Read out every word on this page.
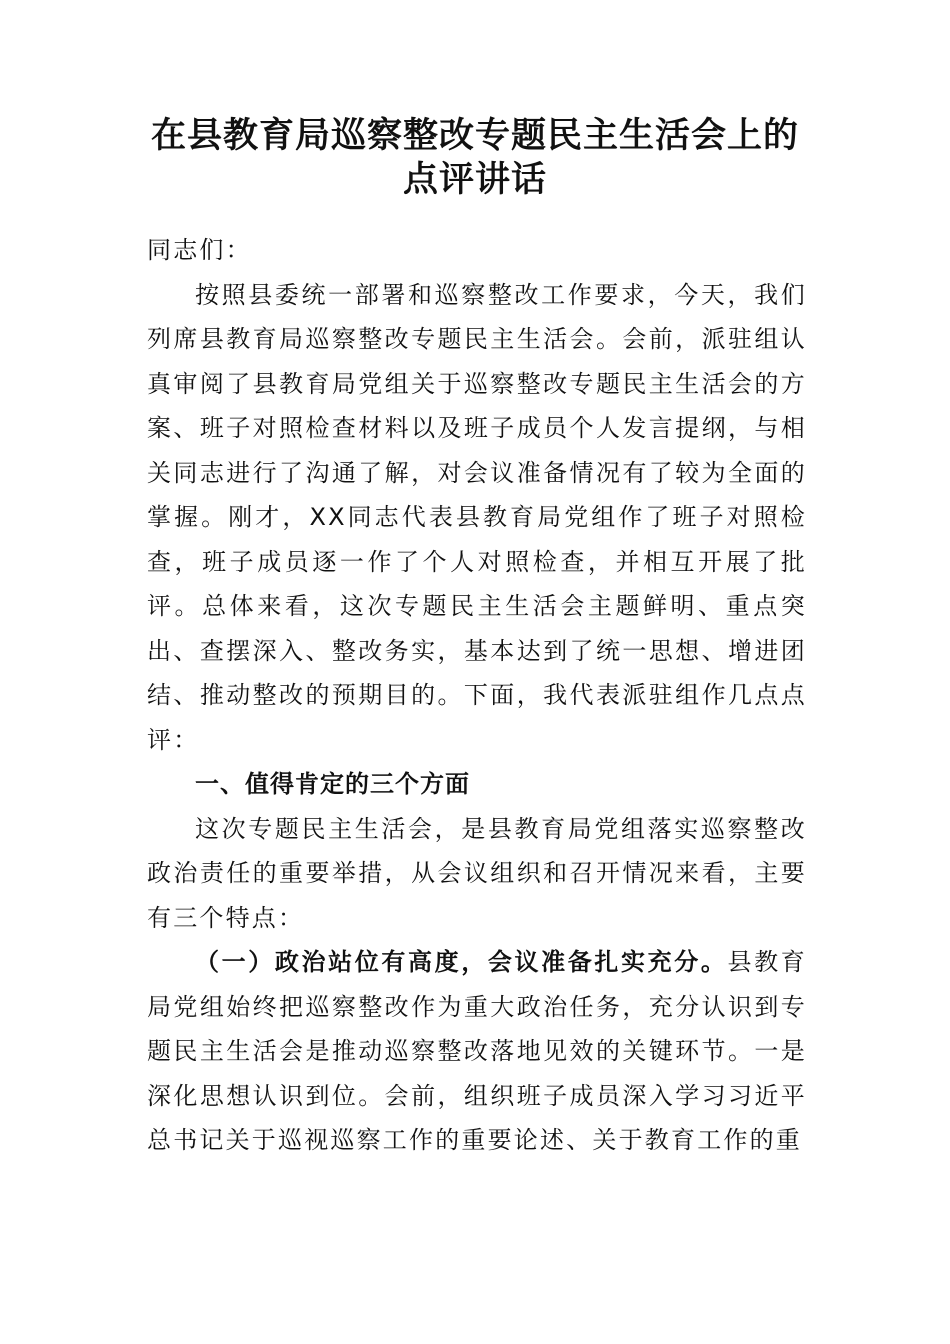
在县教育局巡察整改专题民主生活会上的
点评讲话

同志们：

按照县委统一部署和巡察整改工作要求，今天，我们列席县教育局巡察整改专题民主生活会。会前，派驻组认真审阅了县教育局党组关于巡察整改专题民主生活会的方案、班子对照检查材料以及班子成员个人发言提纲，与相关同志进行了沟通了解，对会议准备情况有了较为全面的掌握。刚才，XX同志代表县教育局党组作了班子对照检查，班子成员逐一作了个人对照检查，并相互开展了批评。总体来看，这次专题民主生活会主题鲜明、重点突出、查摆深入、整改务实，基本达到了统一思想、增进团结、推动整改的预期目的。下面，我代表派驻组作几点点评：

一、值得肯定的三个方面

这次专题民主生活会，是县教育局党组落实巡察整改政治责任的重要举措，从会议组织和召开情况来看，主要有三个特点：

（一）政治站位有高度，会议准备扎实充分。县教育局党组始终把巡察整改作为重大政治任务，充分认识到专题民主生活会是推动巡察整改落地见效的关键环节。一是深化思想认识到位。会前，组织班子成员深入学习习近平总书记关于巡视巡察工作的重要论述、关于教育工作的重
